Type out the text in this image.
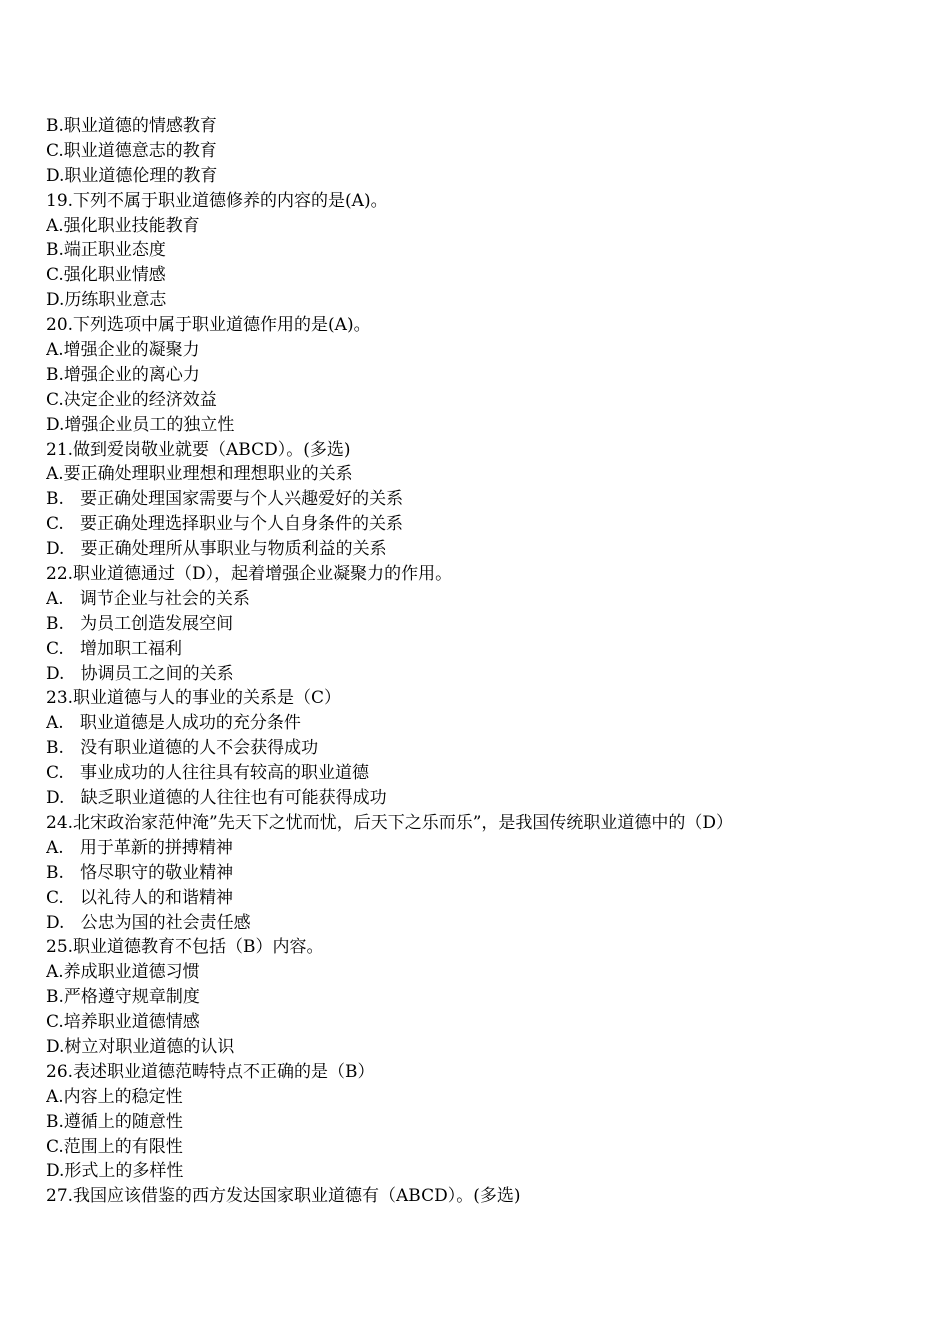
B.职业道德的情感教育
C.职业道德意志的教育
D.职业道德伦理的教育
19.下列不属于职业道德修养的内容的是(A)。
A.强化职业技能教育
B.端正职业态度
C.强化职业情感
D.历练职业意志
20.下列选项中属于职业道德作用的是(A)。
A.增强企业的凝聚力
B.增强企业的离心力
C.决定企业的经济效益
D.增强企业员工的独立性
21.做到爱岗敬业就要（ABCD）。(多选)
A.要正确处理职业理想和理想职业的关系
B.   要正确处理国家需要与个人兴趣爱好的关系
C.   要正确处理选择职业与个人自身条件的关系
D.   要正确处理所从事职业与物质利益的关系
22.职业道德通过（D），起着增强企业凝聚力的作用。
A.   调节企业与社会的关系
B.   为员工创造发展空间
C.   增加职工福利
D.   协调员工之间的关系
23.职业道德与人的事业的关系是（C）
A.   职业道德是人成功的充分条件
B.   没有职业道德的人不会获得成功
C.   事业成功的人往往具有较高的职业道德
D.   缺乏职业道德的人往往也有可能获得成功
24.北宋政治家范仲淹”先天下之忧而忧，后天下之乐而乐”，是我国传统职业道德中的（D）
A.   用于革新的拼搏精神
B.   恪尽职守的敬业精神
C.   以礼待人的和谐精神
D.   公忠为国的社会责任感
25.职业道德教育不包括（B）内容。
A.养成职业道德习惯
B.严格遵守规章制度
C.培养职业道德情感
D.树立对职业道德的认识
26.表述职业道德范畴特点不正确的是（B）
A.内容上的稳定性
B.遵循上的随意性
C.范围上的有限性
D.形式上的多样性
27.我国应该借鉴的西方发达国家职业道德有（ABCD）。(多选)
